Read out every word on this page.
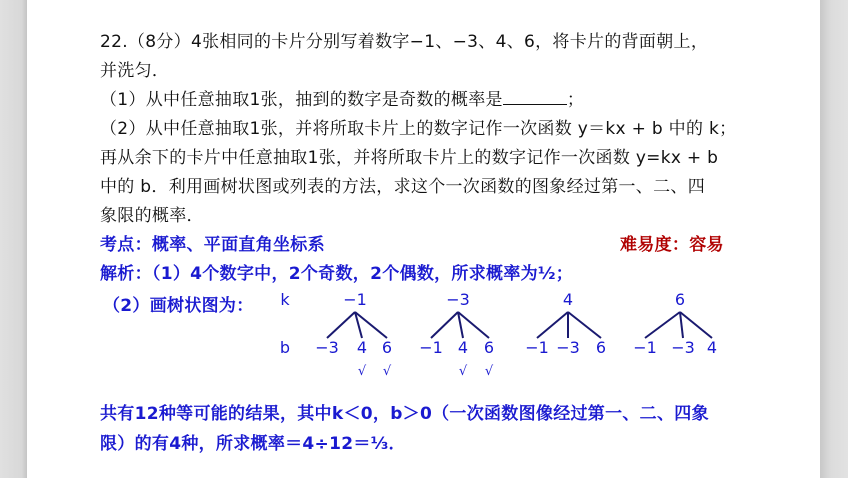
22.（8分）4张相同的卡片分别写着数字−1、−3、4、6，将卡片的背面朝上，
并洗匀．
（1）从中任意抽取1张，抽到的数字是奇数的概率是	；
（2）从中任意抽取1张，并将所取卡片上的数字记作一次函数 y＝kx + b 中的 k；
再从余下的卡片中任意抽取1张，并将所取卡片上的数字记作一次函数 y=kx + b
中的 b．利用画树状图或列表的方法，求这个一次函数的图象经过第一、二、四
象限的概率．
考点：概率、平面直角坐标系	难易度：容易
解析：（1）4个数字中，2个奇数，2个偶数，所求概率为½；
（2）画树状图为： k
b
−1
−3 4
√
6
√
−3
−1 4
√
6
√
4
−1 −3 6
6
−1 −3 4
共有12种等可能的结果，其中k＜0，b＞0（一次函数图像经过第一、二、四象
限）的有4种，所求概率＝4÷12＝⅓．
